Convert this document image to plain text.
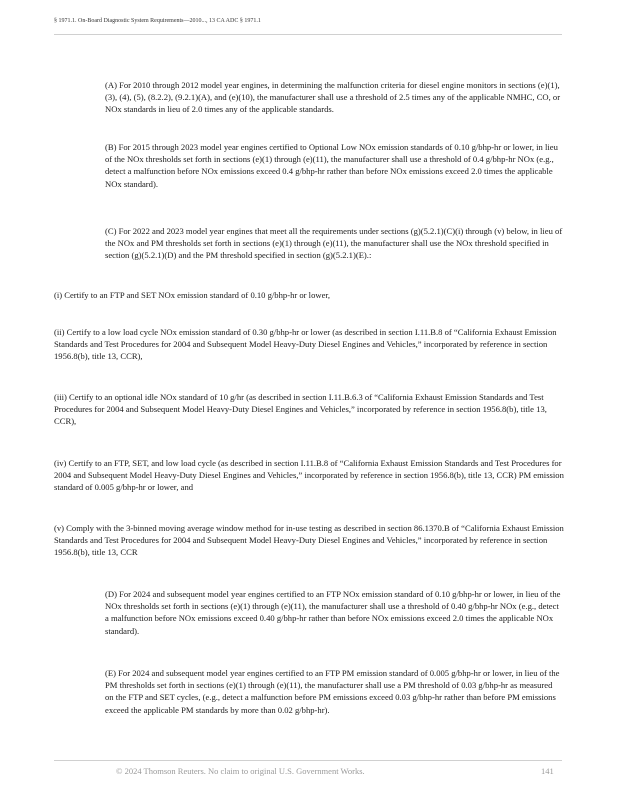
§ 1971.1. On-Board Diagnostic System Requirements—2010..., 13 CA ADC § 1971.1

(A) For 2010 through 2012 model year engines, in determining the malfunction criteria for diesel engine monitors in sections (e)(1), (3), (4), (5), (8.2.2), (9.2.1)(A), and (e)(10), the manufacturer shall use a threshold of 2.5 times any of the applicable NMHC, CO, or NOx standards in lieu of 2.0 times any of the applicable standards.

(B) For 2015 through 2023 model year engines certified to Optional Low NOx emission standards of 0.10 g/bhp-hr or lower, in lieu of the NOx thresholds set forth in sections (e)(1) through (e)(11), the manufacturer shall use a threshold of 0.4 g/bhp-hr NOx (e.g., detect a malfunction before NOx emissions exceed 0.4 g/bhp-hr rather than before NOx emissions exceed 2.0 times the applicable NOx standard).

(C) For 2022 and 2023 model year engines that meet all the requirements under sections (g)(5.2.1)(C)(i) through (v) below, in lieu of the NOx and PM thresholds set forth in sections (e)(1) through (e)(11), the manufacturer shall use the NOx threshold specified in section (g)(5.2.1)(D) and the PM threshold specified in section (g)(5.2.1)(E).:

(i) Certify to an FTP and SET NOx emission standard of 0.10 g/bhp-hr or lower,

(ii) Certify to a low load cycle NOx emission standard of 0.30 g/bhp-hr or lower (as described in section I.11.B.8 of “California Exhaust Emission Standards and Test Procedures for 2004 and Subsequent Model Heavy-Duty Diesel Engines and Vehicles,” incorporated by reference in section 1956.8(b), title 13, CCR),

(iii) Certify to an optional idle NOx standard of 10 g/hr (as described in section I.11.B.6.3 of “California Exhaust Emission Standards and Test Procedures for 2004 and Subsequent Model Heavy-Duty Diesel Engines and Vehicles,” incorporated by reference in section 1956.8(b), title 13, CCR),

(iv) Certify to an FTP, SET, and low load cycle (as described in section I.11.B.8 of “California Exhaust Emission Standards and Test Procedures for 2004 and Subsequent Model Heavy-Duty Diesel Engines and Vehicles,” incorporated by reference in section 1956.8(b), title 13, CCR) PM emission standard of 0.005 g/bhp-hr or lower, and

(v) Comply with the 3-binned moving average window method for in-use testing as described in section 86.1370.B of “California Exhaust Emission Standards and Test Procedures for 2004 and Subsequent Model Heavy-Duty Diesel Engines and Vehicles,” incorporated by reference in section 1956.8(b), title 13, CCR

(D) For 2024 and subsequent model year engines certified to an FTP NOx emission standard of 0.10 g/bhp-hr or lower, in lieu of the NOx thresholds set forth in sections (e)(1) through (e)(11), the manufacturer shall use a threshold of 0.40 g/bhp-hr NOx (e.g., detect a malfunction before NOx emissions exceed 0.40 g/bhp-hr rather than before NOx emissions exceed 2.0 times the applicable NOx standard).

(E) For 2024 and subsequent model year engines certified to an FTP PM emission standard of 0.005 g/bhp-hr or lower, in lieu of the PM thresholds set forth in sections (e)(1) through (e)(11), the manufacturer shall use a PM threshold of 0.03 g/bhp-hr as measured on the FTP and SET cycles, (e.g., detect a malfunction before PM emissions exceed 0.03 g/bhp-hr rather than before PM emissions exceed the applicable PM standards by more than 0.02 g/bhp-hr).

© 2024 Thomson Reuters. No claim to original U.S. Government Works.	141
